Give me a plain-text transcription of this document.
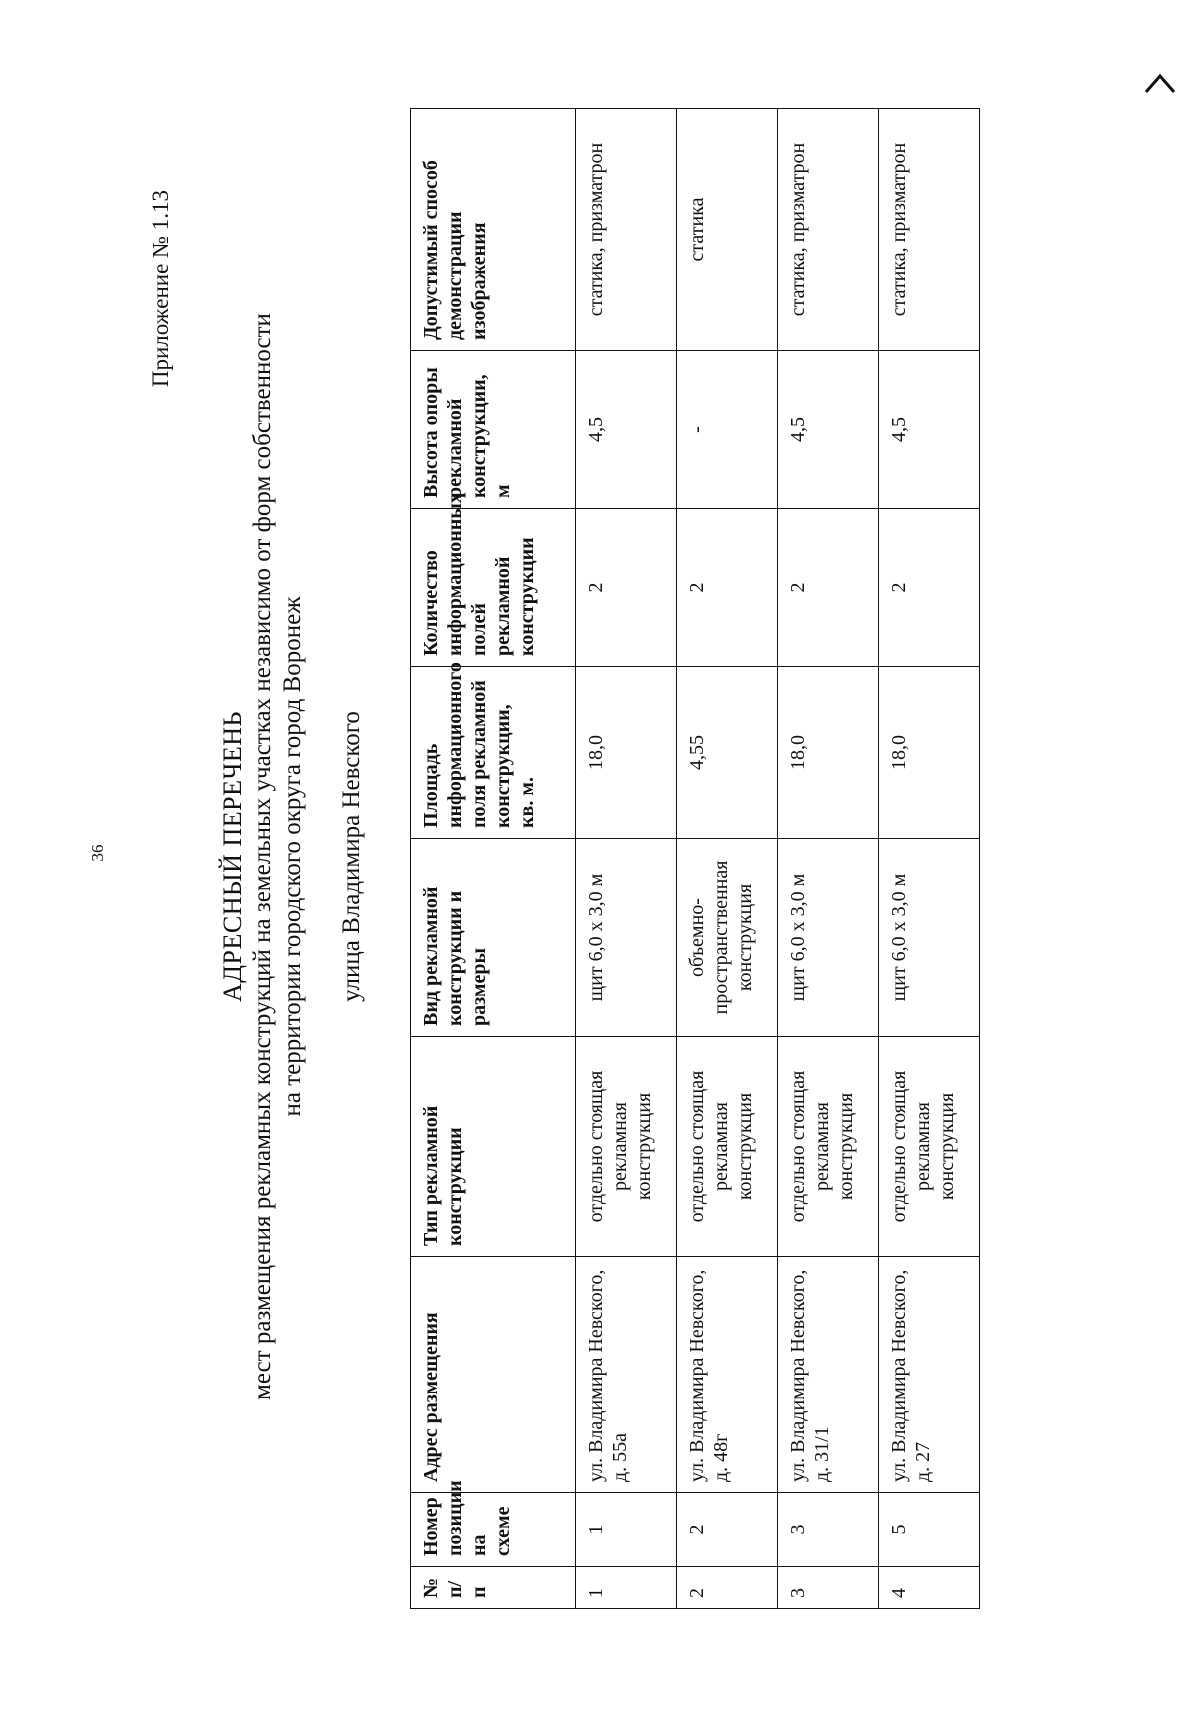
36
Приложение № 1.13
АДРЕСНЫЙ ПЕРЕЧЕНЬ мест размещения рекламных конструкций на земельных участках независимо от форм собственности на территории городского округа город Воронеж улица Владимира Невского
№ п/п	Номер позиции на схеме	Адрес размещения	Тип рекламной конструкции	Вид рекламной конструкции и размеры	Площадь информационного поля рекламной конструкции, кв. м.	Количество информационных полей рекламной конструкции	Высота опоры рекламной конструкции, м	Допустимый способ демонстрации изображения
1	1	ул. Владимира Невского, д. 55а	отдельно стоящая рекламная конструкция	щит 6,0 х 3,0 м	18,0	2	4,5	статика, призматрон
2	2	ул. Владимира Невского, д. 48г	отдельно стоящая рекламная конструкция	объемно-пространственная конструкция	4,55	2	-	статика
3	3	ул. Владимира Невского, д. 31/1	отдельно стоящая рекламная конструкция	щит 6,0 х 3,0 м	18,0	2	4,5	статика, призматрон
4	5	ул. Владимира Невского, д. 27	отдельно стоящая рекламная конструкция	щит 6,0 х 3,0 м	18,0	2	4,5	статика, призматрон
